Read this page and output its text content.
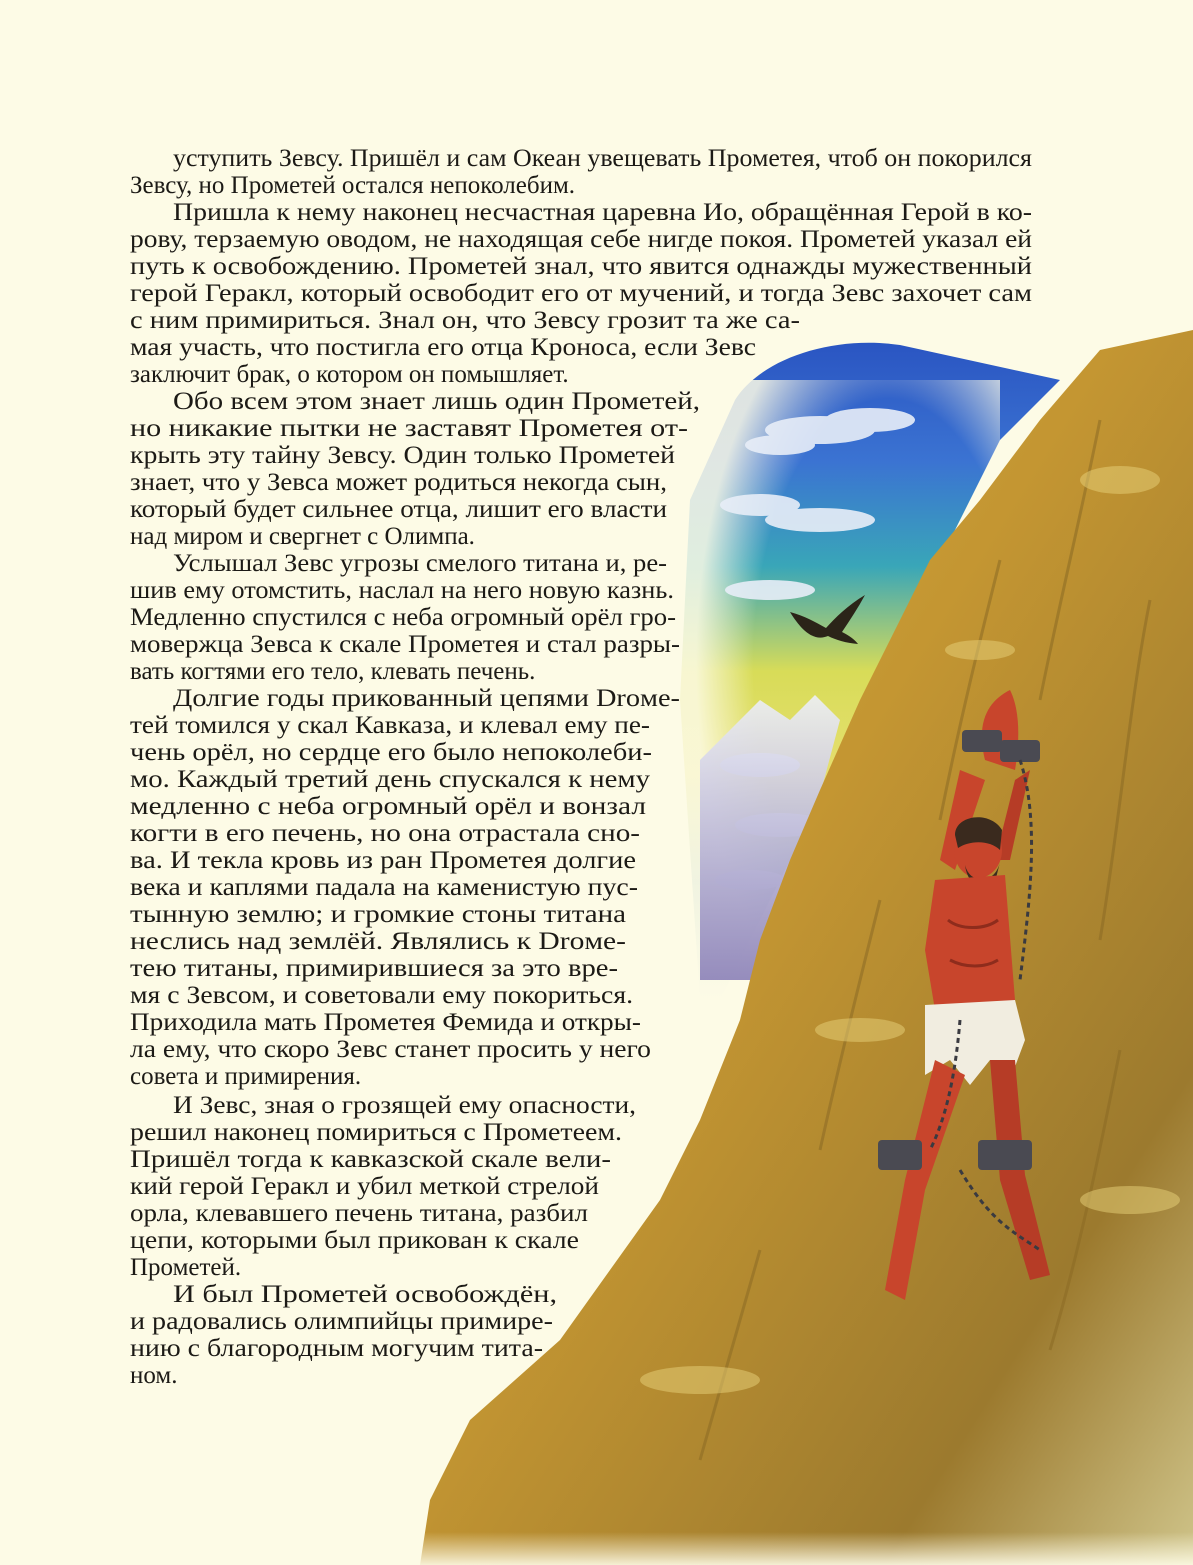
уступить Зевсу. Пришёл и сам Океан увещевать Прометея, чтоб он покорился

Зевсу, но Прометей остался непоколебим.

Пришла к нему наконец несчастная царевна Ио, обращённая Герой в ко-

рову, терзаемую оводом, не находящая себе нигде покоя. Прометей указал ей

путь к освобождению. Прометей знал, что явится однажды мужественный

герой Геракл, который освободит его от мучений, и тогда Зевс захочет сам

с ним примириться. Знал он, что Зевсу грозит та же са-

мая участь, что постигла его отца Кроноса, если Зевс

заключит брак, о котором он помышляет.

Обо всем этом знает лишь один Прометей,

но никакие пытки не заставят Прометея от-

крыть эту тайну Зевсу. Один только Прометей

знает, что у Зевса может родиться некогда сын,

который будет сильнее отца, лишит его власти

над миром и свергнет с Олимпа.

Услышал Зевс угрозы смелого титана и, ре-

шив ему отомстить, наслал на него новую казнь.

Медленно спустился с неба огромный орёл гро-

мовержца Зевса к скале Прометея и стал разры-

вать когтями его тело, клевать печень.

Долгие годы прикованный цепями Droме-

тей томился у скал Кавказа, и клевал ему пе-

чень орёл, но сердце его было непоколеби-

мо. Каждый третий день спускался к нему

медленно с неба огромный орёл и вонзал

когти в его печень, но она отрастала сно-

ва. И текла кровь из ран Прометея долгие

века и каплями падала на каменистую пус-

тынную землю; и громкие стоны титана

неслись над землёй. Являлись к Droме-

тею титаны, примирившиеся за это вре-

мя с Зевсом, и советовали ему покориться.

Приходила мать Прометея Фемида и откры-

ла ему, что скоро Зевс станет просить у него

совета и примирения.

И Зевс, зная о грозящей ему опасности,

решил наконец помириться с Прометеем.

Пришёл тогда к кавказской скале вели-

кий герой Геракл и убил меткой стрелой

орла, клевавшего печень титана, разбил

цепи, которыми был прикован к скале

Прометей.

И был Прометей освобождён,

и радовались олимпийцы примире-

нию с благородным могучим тита-

ном.
